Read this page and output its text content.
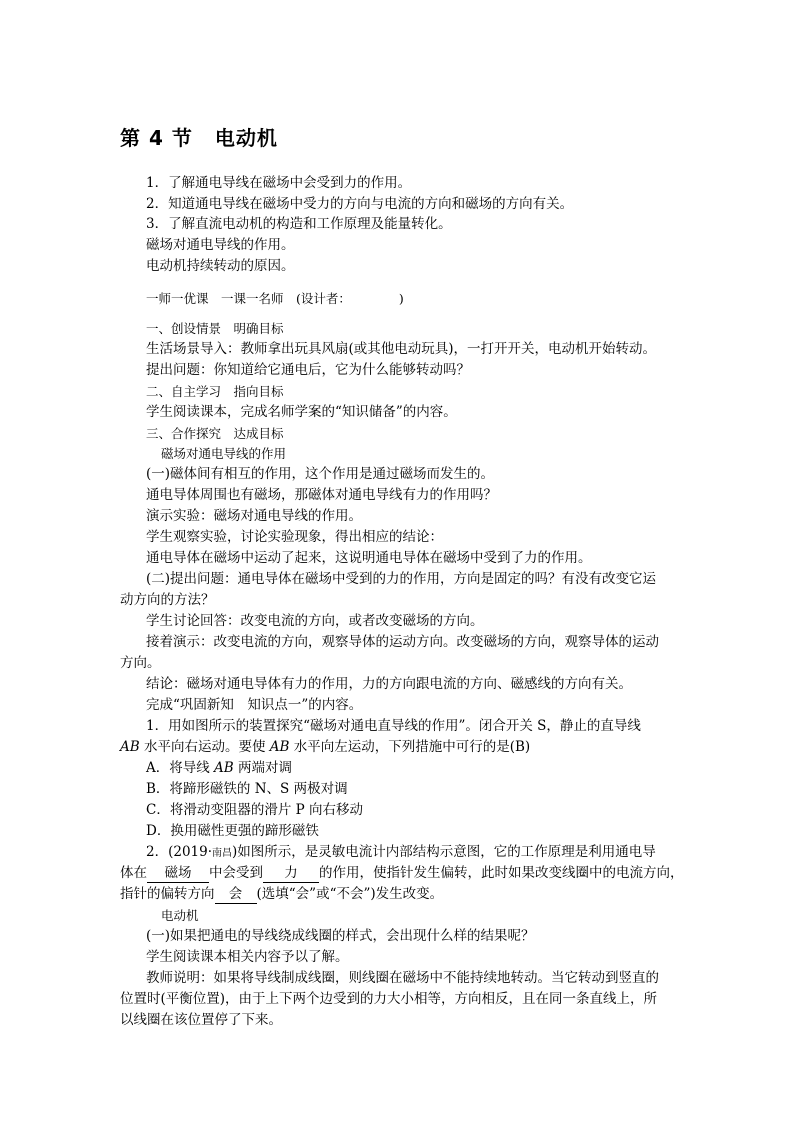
第 4 节 电动机
1．了解通电导线在磁场中会受到力的作用。
2．知道通电导线在磁场中受力的方向与电流的方向和磁场的方向有关。
3．了解直流电动机的构造和工作原理及能量转化。
磁场对通电导线的作用。
电动机持续转动的原因。
一师一优课　一课一名师　(设计者：	)
一、创设情景　明确目标
生活场景导入：教师拿出玩具风扇(或其他电动玩具)，一打开开关，电动机开始转动。
提出问题：你知道给它通电后，它为什么能够转动吗？
二、自主学习　指向目标
学生阅读课本，完成名师学案的“知识储备”的内容。
三、合作探究　达成目标
磁场对通电导线的作用
(一)磁体间有相互的作用，这个作用是通过磁场而发生的。
通电导体周围也有磁场，那磁体对通电导线有力的作用吗？
演示实验：磁场对通电导线的作用。
学生观察实验，讨论实验现象，得出相应的结论：
通电导体在磁场中运动了起来，这说明通电导体在磁场中受到了力的作用。
(二)提出问题：通电导体在磁场中受到的力的作用，方向是固定的吗？有没有改变它运
动方向的方法？
学生讨论回答：改变电流的方向，或者改变磁场的方向。
接着演示：改变电流的方向，观察导体的运动方向。改变磁场的方向，观察导体的运动
方向。
结论：磁场对通电导体有力的作用，力的方向跟电流的方向、磁感线的方向有关。
完成“巩固新知　知识点一”的内容。
1．用如图所示的装置探究“磁场对通电直导线的作用”。闭合开关 S，静止的直导线
AB 水平向右运动。要使 AB 水平向左运动，下列措施中可行的是(B)
A．将导线 AB 两端对调
B．将蹄形磁铁的 N、S 两极对调
C．将滑动变阻器的滑片 P 向右移动
D．换用磁性更强的蹄形磁铁
2．(2019·南昌)如图所示，是灵敏电流计内部结构示意图，它的工作原理是利用通电导
体在 磁场 中会受到 力 的作用，使指针发生偏转，此时如果改变线圈中的电流方向，
指针的偏转方向 会 (选填“会”或“不会”)发生改变。
电动机
(一)如果把通电的导线绕成线圈的样式，会出现什么样的结果呢？
学生阅读课本相关内容予以了解。
教师说明：如果将导线制成线圈，则线圈在磁场中不能持续地转动。当它转动到竖直的
位置时(平衡位置)，由于上下两个边受到的力大小相等，方向相反，且在同一条直线上，所
以线圈在该位置停了下来。
